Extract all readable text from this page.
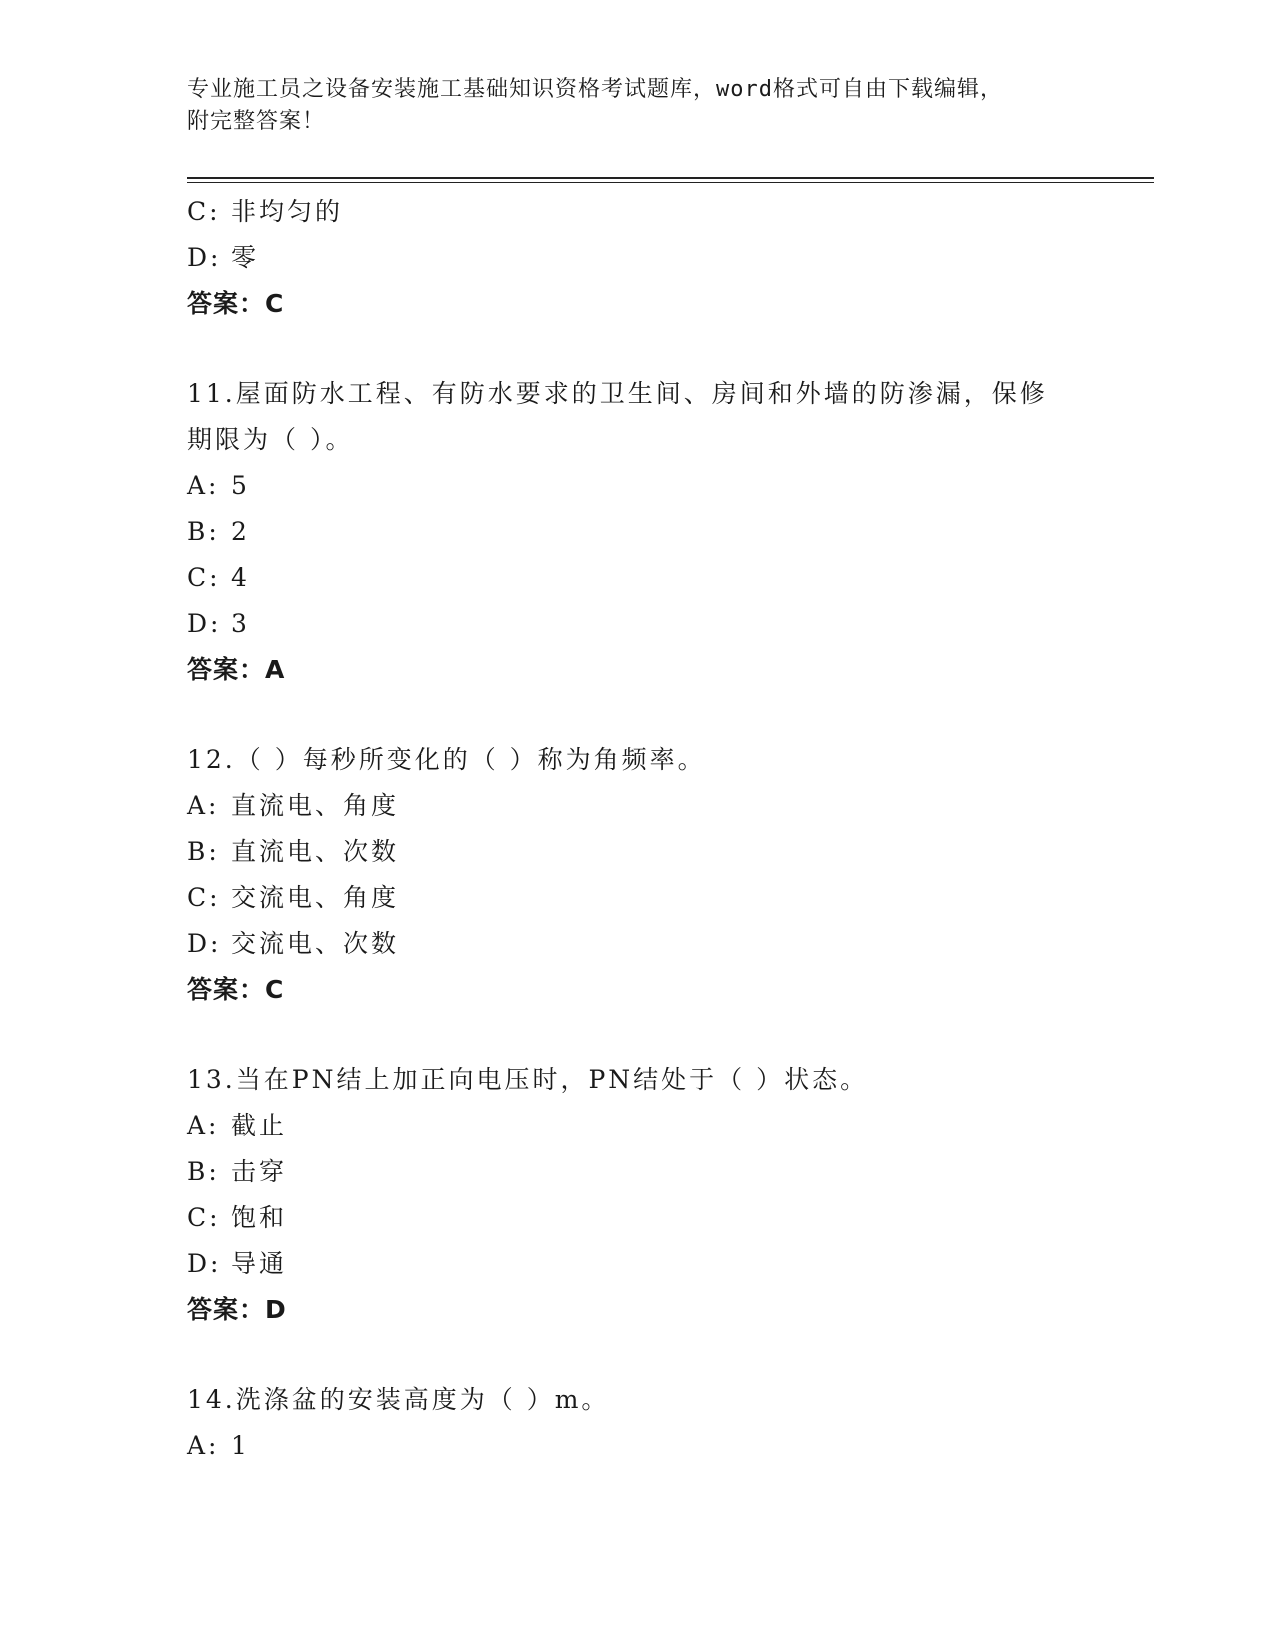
专业施工员之设备安装施工基础知识资格考试题库，word格式可自由下载编辑，
附完整答案！
C: 非均匀的
D: 零
答案：C
11.屋面防水工程、有防水要求的卫生间、房间和外墙的防渗漏，保修
期限为（ ）。
A: 5
B: 2
C: 4
D: 3
答案：A
12.（ ）每秒所变化的（ ）称为角频率。
A: 直流电、角度
B: 直流电、次数
C: 交流电、角度
D: 交流电、次数
答案：C
13.当在PN结上加正向电压时，PN结处于（ ）状态。
A: 截止
B: 击穿
C: 饱和
D: 导通
答案：D
14.洗涤盆的安装高度为（ ）m。
A: 1
